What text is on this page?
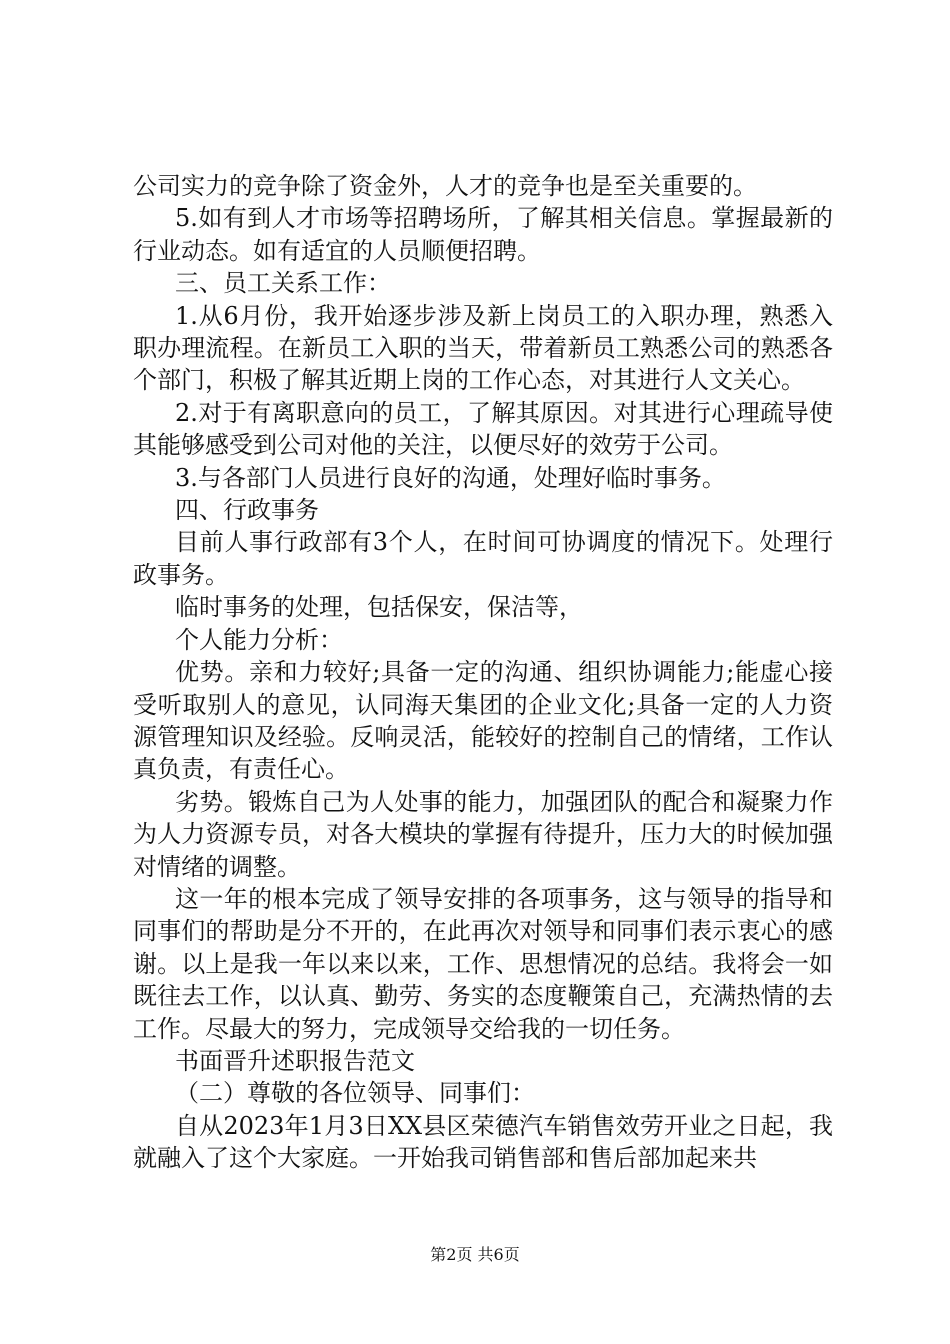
公司实力的竞争除了资金外，人才的竞争也是至关重要的。

5.如有到人才市场等招聘场所，了解其相关信息。掌握最新的行业动态。如有适宜的人员顺便招聘。

三、员工关系工作：

1.从6月份，我开始逐步涉及新上岗员工的入职办理，熟悉入职办理流程。在新员工入职的当天，带着新员工熟悉公司的熟悉各个部门，积极了解其近期上岗的工作心态，对其进行人文关心。

2.对于有离职意向的员工，了解其原因。对其进行心理疏导使其能够感受到公司对他的关注，以便尽好的效劳于公司。

3.与各部门人员进行良好的沟通，处理好临时事务。

四、行政事务

目前人事行政部有3个人，在时间可协调度的情况下。处理行政事务。

临时事务的处理，包括保安，保洁等，

个人能力分析：

优势。亲和力较好;具备一定的沟通、组织协调能力;能虚心接受听取别人的意见，认同海天集团的企业文化;具备一定的人力资源管理知识及经验。反响灵活，能较好的控制自己的情绪，工作认真负责，有责任心。

劣势。锻炼自己为人处事的能力，加强团队的配合和凝聚力作为人力资源专员，对各大模块的掌握有待提升，压力大的时候加强对情绪的调整。

这一年的根本完成了领导安排的各项事务，这与领导的指导和同事们的帮助是分不开的，在此再次对领导和同事们表示衷心的感谢。以上是我一年以来以来，工作、思想情况的总结。我将会一如既往去工作，以认真、勤劳、务实的态度鞭策自己，充满热情的去工作。尽最大的努力，完成领导交给我的一切任务。

书面晋升述职报告范文

（二）尊敬的各位领导、同事们：

自从2023年1月3日XX县区荣德汽车销售效劳开业之日起，我就融入了这个大家庭。一开始我司销售部和售后部加起来共

第2页 共6页
